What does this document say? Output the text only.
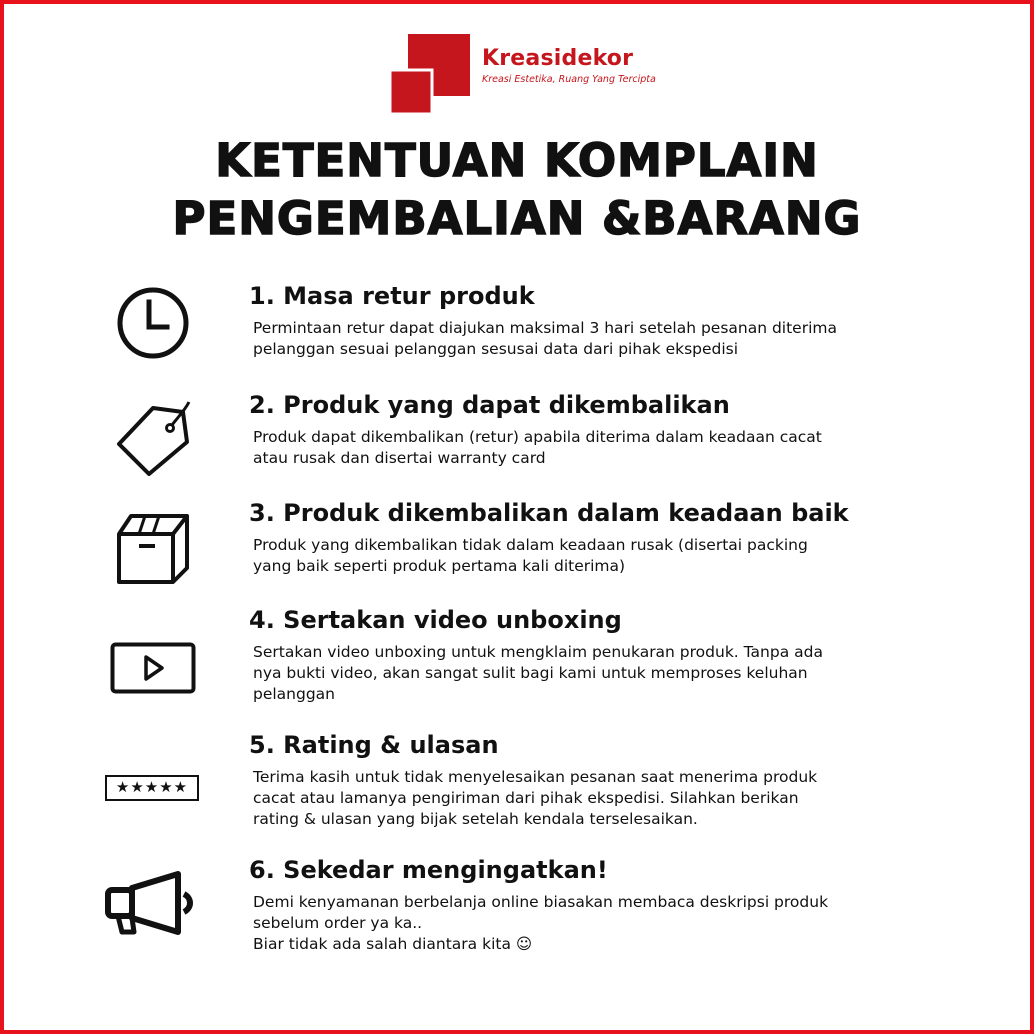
Kreasidekor
Kreasi Estetika, Ruang Yang Tercipta
KETENTUAN KOMPLAIN
PENGEMBALIAN &BARANG
1. Masa retur produk

Permintaan retur dapat diajukan maksimal 3 hari setelah pesanan diterima

pelanggan sesuai pelanggan sesusai data dari pihak ekspedisi

2. Produk yang dapat dikembalikan

Produk dapat dikembalikan (retur) apabila diterima dalam keadaan cacat

atau rusak dan disertai warranty card

3. Produk dikembalikan dalam keadaan baik

Produk yang dikembalikan tidak dalam keadaan rusak (disertai packing

yang baik seperti produk pertama kali diterima)

4. Sertakan video unboxing

Sertakan video unboxing untuk mengklaim penukaran produk. Tanpa ada

nya bukti video, akan sangat sulit bagi kami untuk memproses keluhan

pelanggan

5. Rating & ulasan

Terima kasih untuk tidak menyelesaikan pesanan saat menerima produk

cacat atau lamanya pengiriman dari pihak ekspedisi. Silahkan berikan

rating & ulasan yang bijak setelah kendala terselesaikan.

★★★★★
6. Sekedar mengingatkan!

Demi kenyamanan berbelanja online biasakan membaca deskripsi produk

sebelum order ya ka..

Biar tidak ada salah diantara kita ☺
